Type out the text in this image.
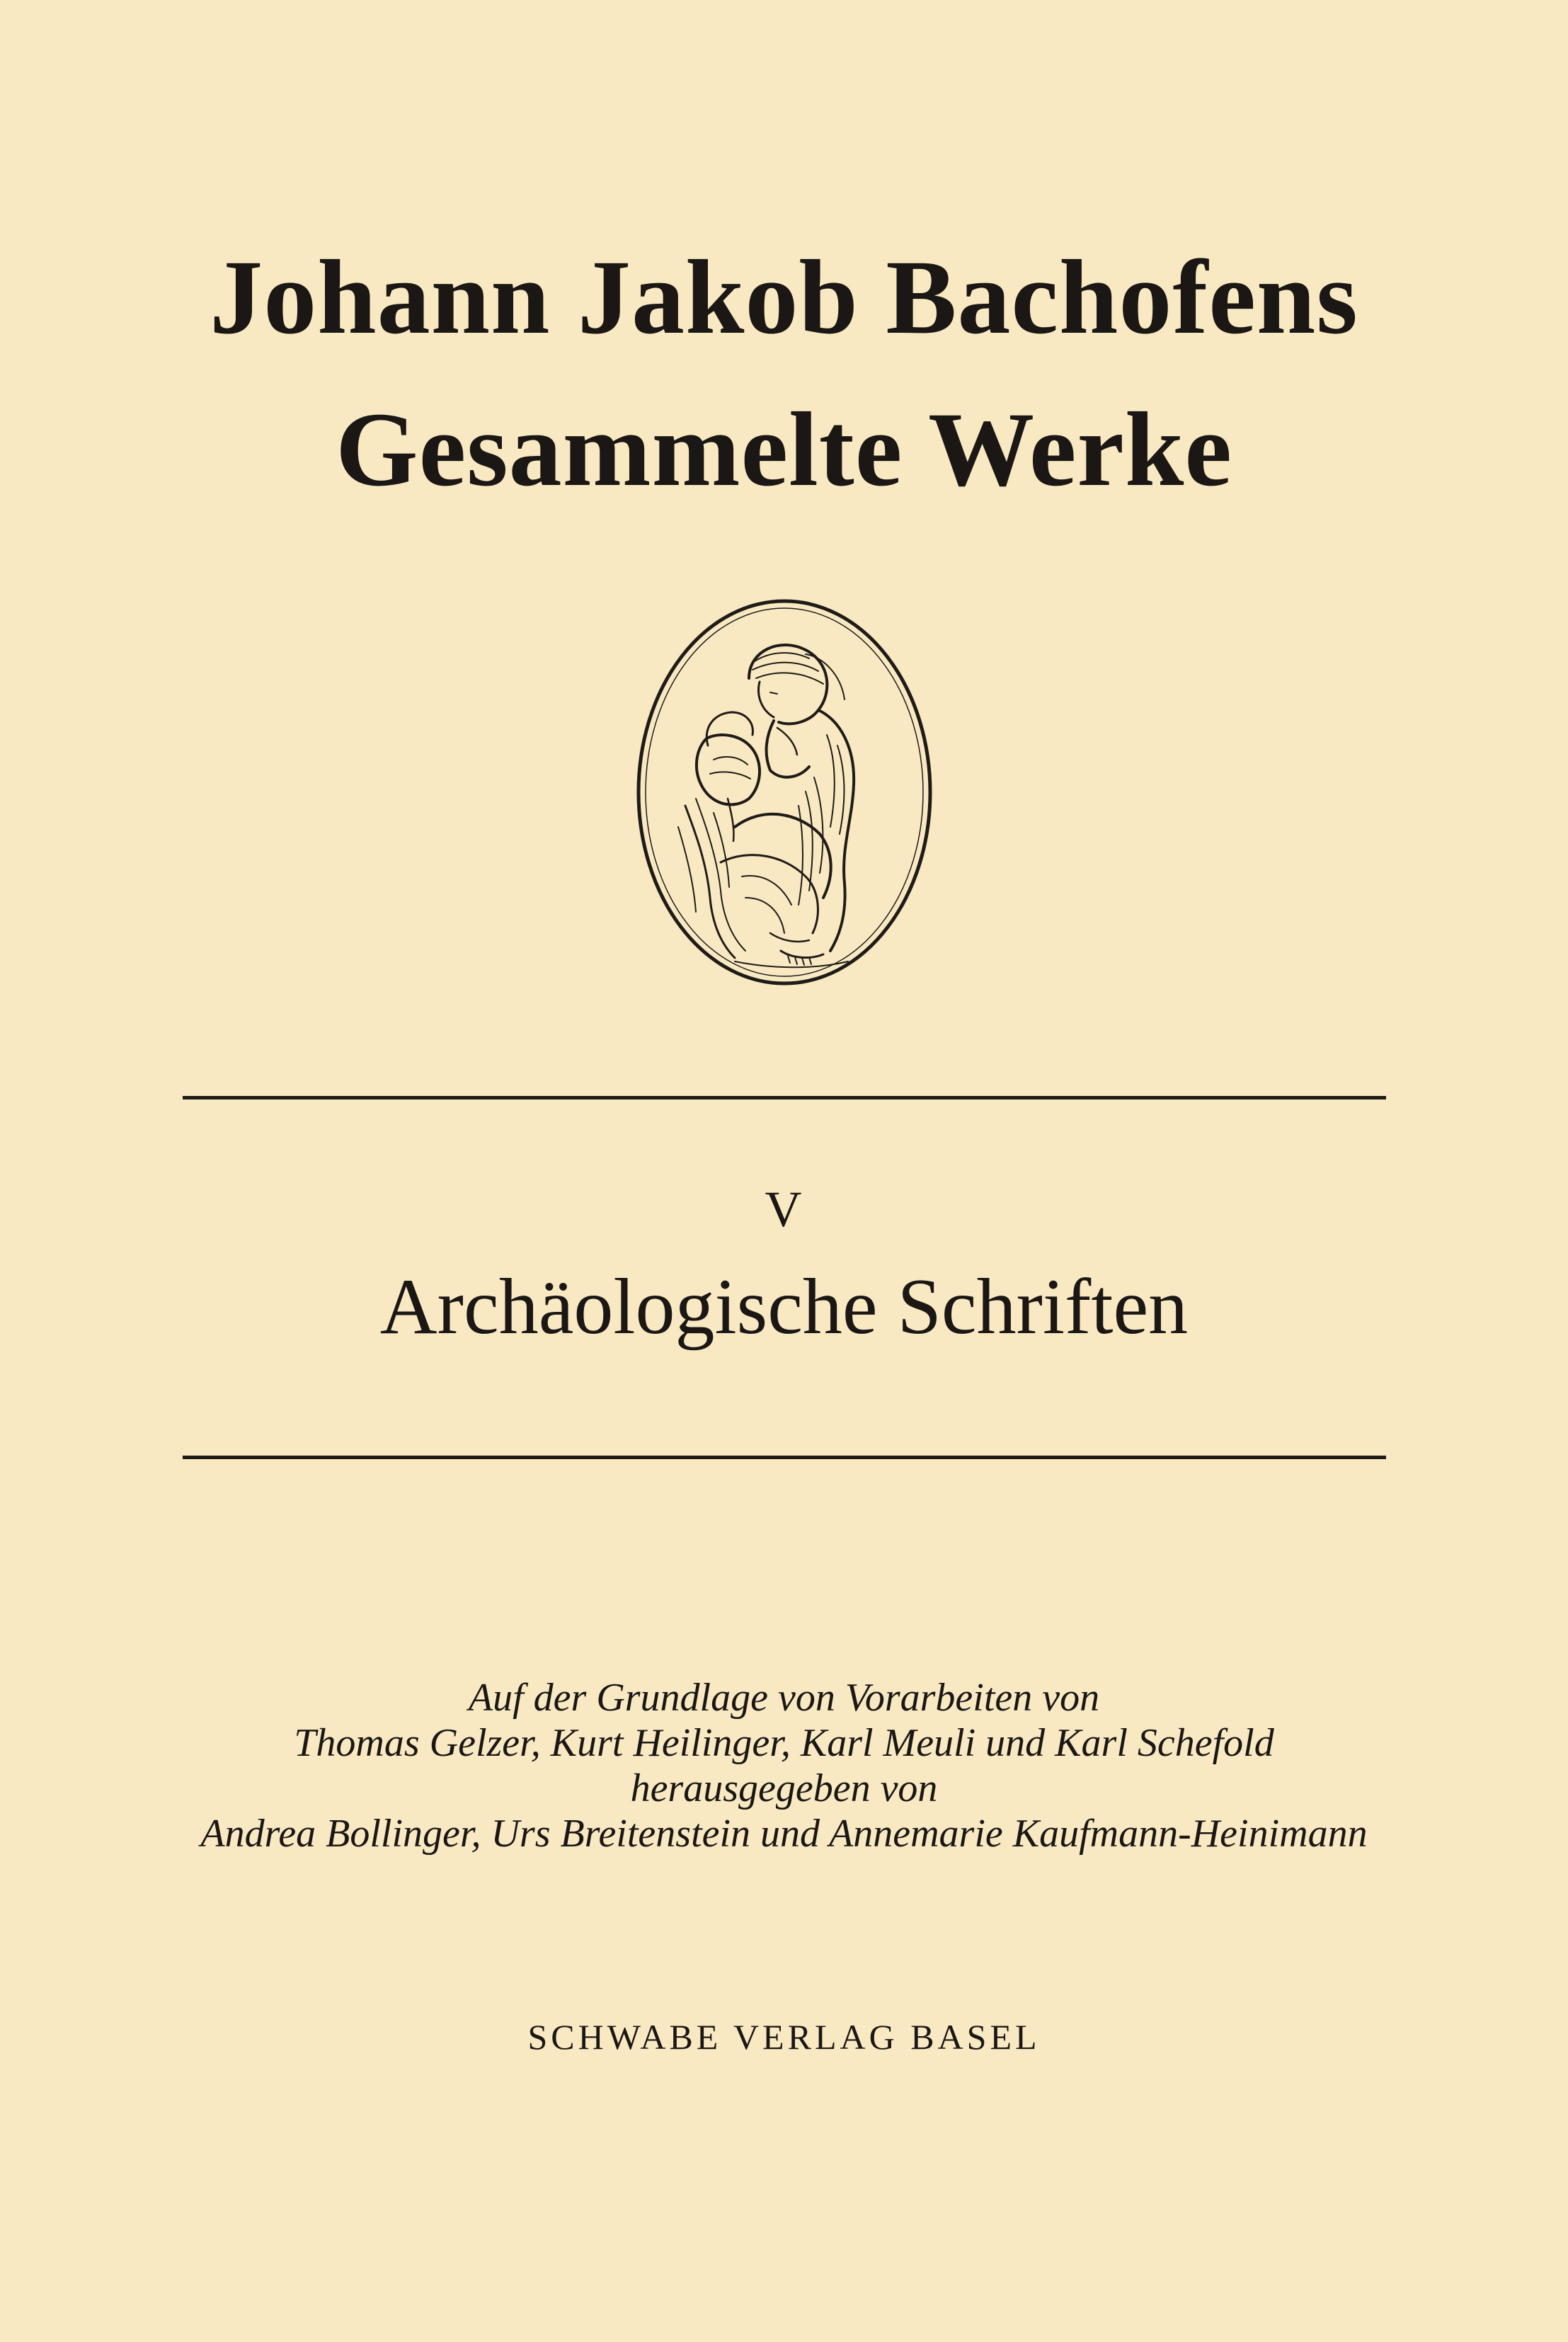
Johann Jakob Bachofens
Gesammelte Werke
V
Archäologische Schriften
Auf der Grundlage von Vorarbeiten von
Thomas Gelzer, Kurt Heilinger, Karl Meuli und Karl Schefold
herausgegeben von
Andrea Bollinger, Urs Breitenstein und Annemarie Kaufmann-Heinimann
SCHWABE VERLAG BASEL
